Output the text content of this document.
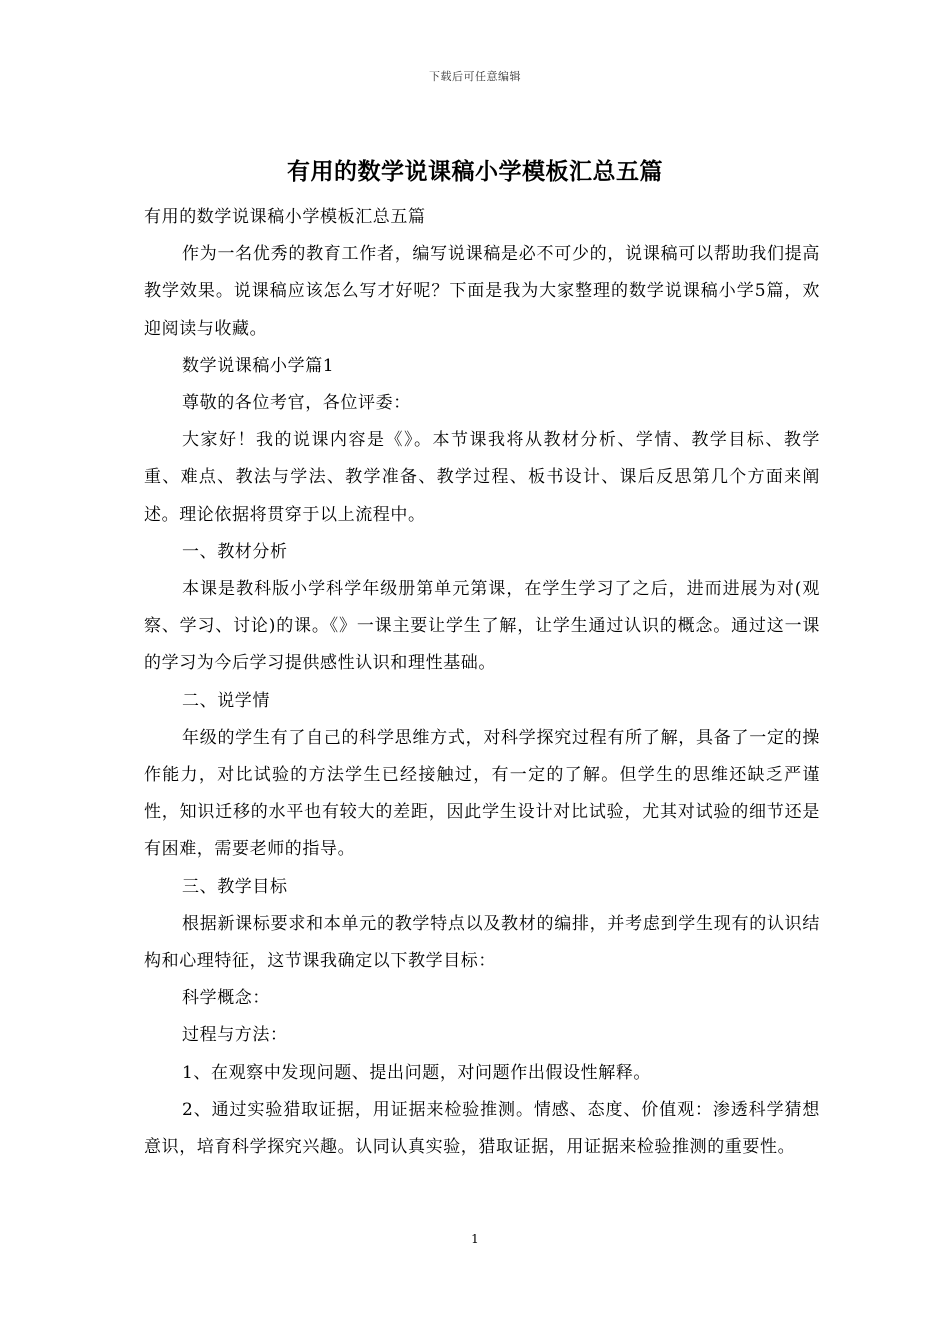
下载后可任意编辑
有用的数学说课稿小学模板汇总五篇

有用的数学说课稿小学模板汇总五篇

作为一名优秀的教育工作者，编写说课稿是必不可少的，说课稿可以帮助我们提高教学效果。说课稿应该怎么写才好呢？下面是我为大家整理的数学说课稿小学5篇，欢迎阅读与收藏。

数学说课稿小学篇1

尊敬的各位考官，各位评委：

大家好！我的说课内容是《》。本节课我将从教材分析、学情、教学目标、教学重、难点、教法与学法、教学准备、教学过程、板书设计、课后反思第几个方面来阐述。理论依据将贯穿于以上流程中。

一、教材分析

本课是教科版小学科学年级册第单元第课，在学生学习了之后，进而进展为对(观察、学习、讨论)的课。《》一课主要让学生了解，让学生通过认识的概念。通过这一课的学习为今后学习提供感性认识和理性基础。

二、说学情

年级的学生有了自己的科学思维方式，对科学探究过程有所了解，具备了一定的操作能力，对比试验的方法学生已经接触过，有一定的了解。但学生的思维还缺乏严谨性，知识迁移的水平也有较大的差距，因此学生设计对比试验，尤其对试验的细节还是有困难，需要老师的指导。

三、教学目标

根据新课标要求和本单元的教学特点以及教材的编排，并考虑到学生现有的认识结构和心理特征，这节课我确定以下教学目标：

科学概念：

过程与方法：

1、在观察中发现问题、提出问题，对问题作出假设性解释。

2、通过实验猎取证据，用证据来检验推测。情感、态度、价值观：渗透科学猜想意识，培育科学探究兴趣。认同认真实验，猎取证据，用证据来检验推测的重要性。

1
